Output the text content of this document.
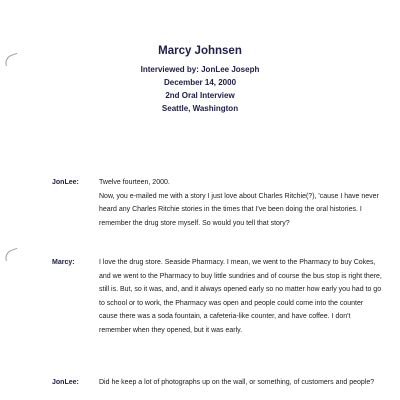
Marcy Johnsen
Interviewed by: JonLee Joseph
December 14, 2000
2nd Oral Interview
Seattle, Washington
JonLee:	Twelve fourteen, 2000.
Now, you e-mailed me with a story I just love about Charles Ritchie(?), 'cause I have never heard any Charles Ritchie stories in the times that I've been doing the oral histories. I remember the drug store myself. So would you tell that story?
Marcy:	I love the drug store. Seaside Pharmacy. I mean, we went to the Pharmacy to buy Cokes, and we went to the Pharmacy to buy little sundries and of course the bus stop is right there, still is. But, so it was, and, and it always opened early so no matter how early you had to go to school or to work, the Pharmacy was open and people could come into the counter cause there was a soda fountain, a cafeteria-like counter, and have coffee. I don't remember when they opened, but it was early.
JonLee:	Did he keep a lot of photographs up on the wall, or something, of customers and people?
